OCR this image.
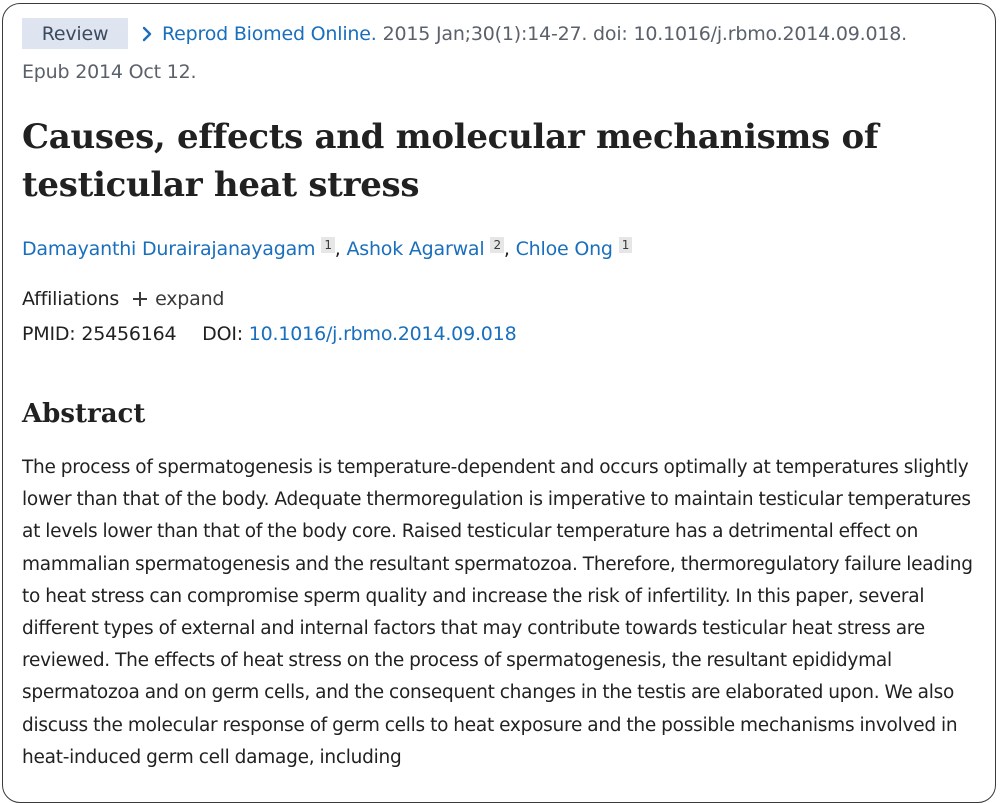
Review	Reprod Biomed Online. 2015 Jan;30(1):14-27. doi: 10.1016/j.rbmo.2014.09.018.
Epub 2014 Oct 12.
Causes, effects and molecular mechanisms of testicular heat stress
Damayanthi Durairajanayagam 1 , Ashok Agarwal 2 , Chloe Ong 1
Affiliations expand
PMID: 25456164 DOI: 10.1016/j.rbmo.2014.09.018
Abstract

The process of spermatogenesis is temperature-dependent and occurs optimally at temperatures slightly lower than that of the body. Adequate thermoregulation is imperative to maintain testicular temperatures at levels lower than that of the body core. Raised testicular temperature has a detrimental effect on mammalian spermatogenesis and the resultant spermatozoa. Therefore, thermoregulatory failure leading to heat stress can compromise sperm quality and increase the risk of infertility. In this paper, several different types of external and internal factors that may contribute towards testicular heat stress are reviewed. The effects of heat stress on the process of spermatogenesis, the resultant epididymal spermatozoa and on germ cells, and the consequent changes in the testis are elaborated upon. We also discuss the molecular response of germ cells to heat exposure and the possible mechanisms involved in heat-induced germ cell damage, including
